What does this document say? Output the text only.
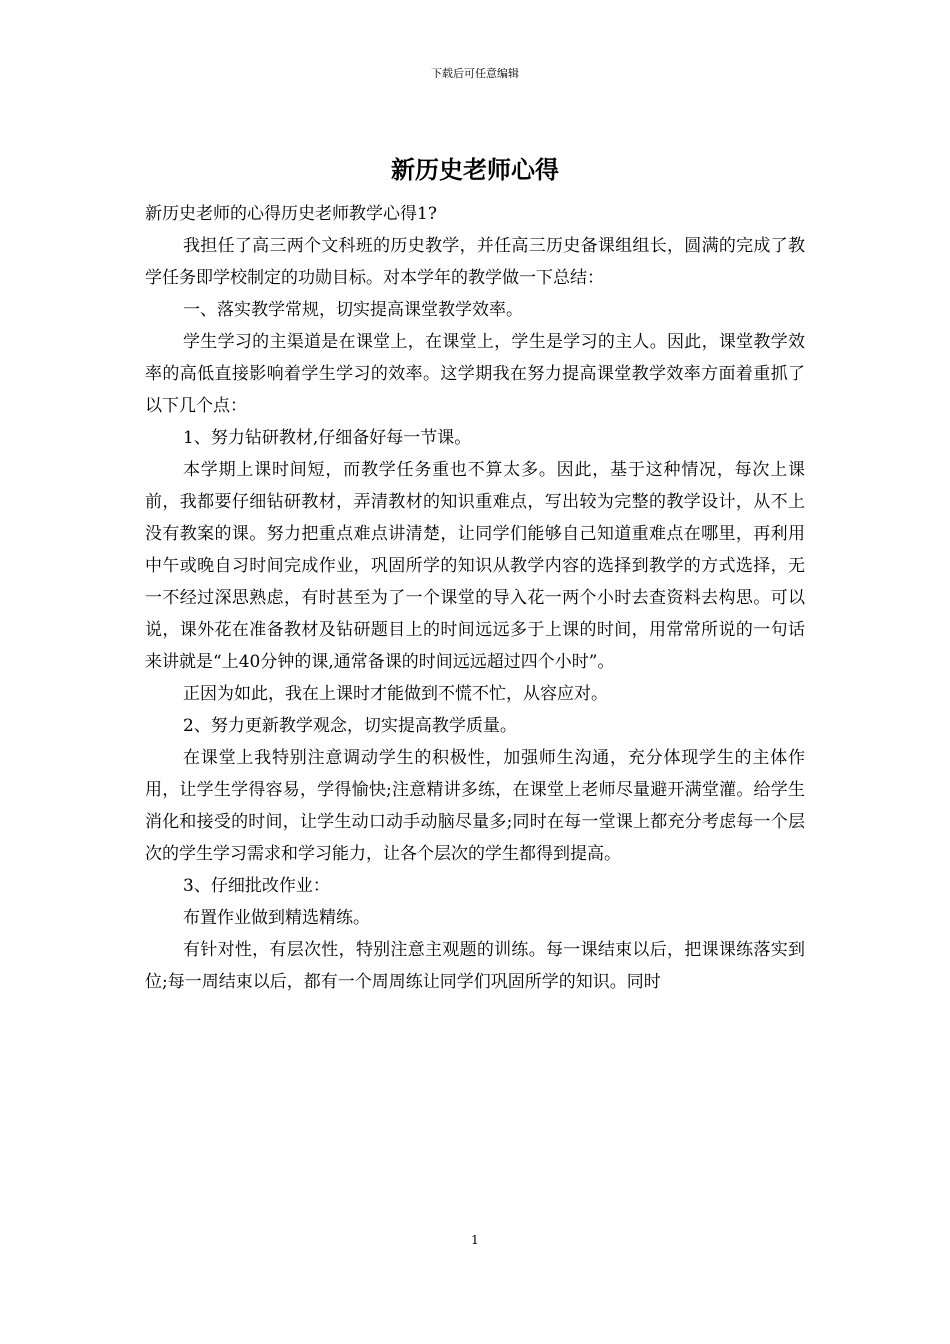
下载后可任意编辑
新历史老师心得

新历史老师的心得历史老师教学心得1?

我担任了高三两个文科班的历史教学，并任高三历史备课组组长，圆满的完成了教学任务即学校制定的功勋目标。对本学年的教学做一下总结：

一、落实教学常规，切实提高课堂教学效率。

学生学习的主渠道是在课堂上，在课堂上，学生是学习的主人。因此，课堂教学效率的高低直接影响着学生学习的效率。这学期我在努力提高课堂教学效率方面着重抓了以下几个点：

1、努力钻研教材,仔细备好每一节课。

本学期上课时间短，而教学任务重也不算太多。因此，基于这种情况，每次上课前，我都要仔细钻研教材，弄清教材的知识重难点，写出较为完整的教学设计，从不上没有教案的课。努力把重点难点讲清楚，让同学们能够自己知道重难点在哪里，再利用中午或晚自习时间完成作业，巩固所学的知识从教学内容的选择到教学的方式选择，无一不经过深思熟虑，有时甚至为了一个课堂的导入花一两个小时去查资料去构思。可以说，课外花在准备教材及钻研题目上的时间远远多于上课的时间，用常常所说的一句话来讲就是“上40分钟的课,通常备课的时间远远超过四个小时”。

正因为如此，我在上课时才能做到不慌不忙，从容应对。

2、努力更新教学观念，切实提高教学质量。

在课堂上我特别注意调动学生的积极性，加强师生沟通，充分体现学生的主体作用，让学生学得容易，学得愉快;注意精讲多练，在课堂上老师尽量避开满堂灌。给学生消化和接受的时间，让学生动口动手动脑尽量多;同时在每一堂课上都充分考虑每一个层次的学生学习需求和学习能力，让各个层次的学生都得到提高。

3、仔细批改作业：

布置作业做到精选精练。

有针对性，有层次性，特别注意主观题的训练。每一课结束以后，把课课练落实到位;每一周结束以后，都有一个周周练让同学们巩固所学的知识。同时

1
